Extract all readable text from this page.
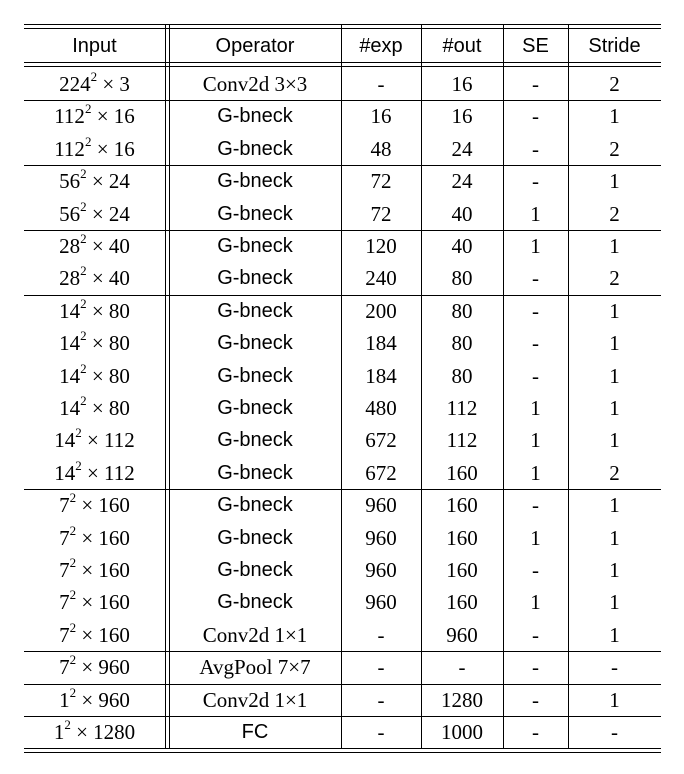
Input	Operator	#exp	#out	SE	Stride
$224^2 \times 3$	Conv2d 3×3	-	16	-	2
$112^2 \times 16$	G-bneck	16	16	-	1
$112^2 \times 16$	G-bneck	48	24	-	2
$56^2 \times 24$	G-bneck	72	24	-	1
$56^2 \times 24$	G-bneck	72	40	1	2
$28^2 \times 40$	G-bneck	120	40	1	1
$28^2 \times 40$	G-bneck	240	80	-	2
$14^2 \times 80$	G-bneck	200	80	-	1
$14^2 \times 80$	G-bneck	184	80	-	1
$14^2 \times 80$	G-bneck	184	80	-	1
$14^2 \times 80$	G-bneck	480	112	1	1
$14^2 \times 112$	G-bneck	672	112	1	1
$14^2 \times 112$	G-bneck	672	160	1	2
$7^2 \times 160$	G-bneck	960	160	-	1
$7^2 \times 160$	G-bneck	960	160	1	1
$7^2 \times 160$	G-bneck	960	160	-	1
$7^2 \times 160$	G-bneck	960	160	1	1
$7^2 \times 160$	Conv2d 1×1	-	960	-	1
$7^2 \times 960$	AvgPool 7×7	-	-	-	-
$1^2 \times 960$	Conv2d 1×1	-	1280	-	1
$1^2 \times 1280$	FC	-	1000	-	-
